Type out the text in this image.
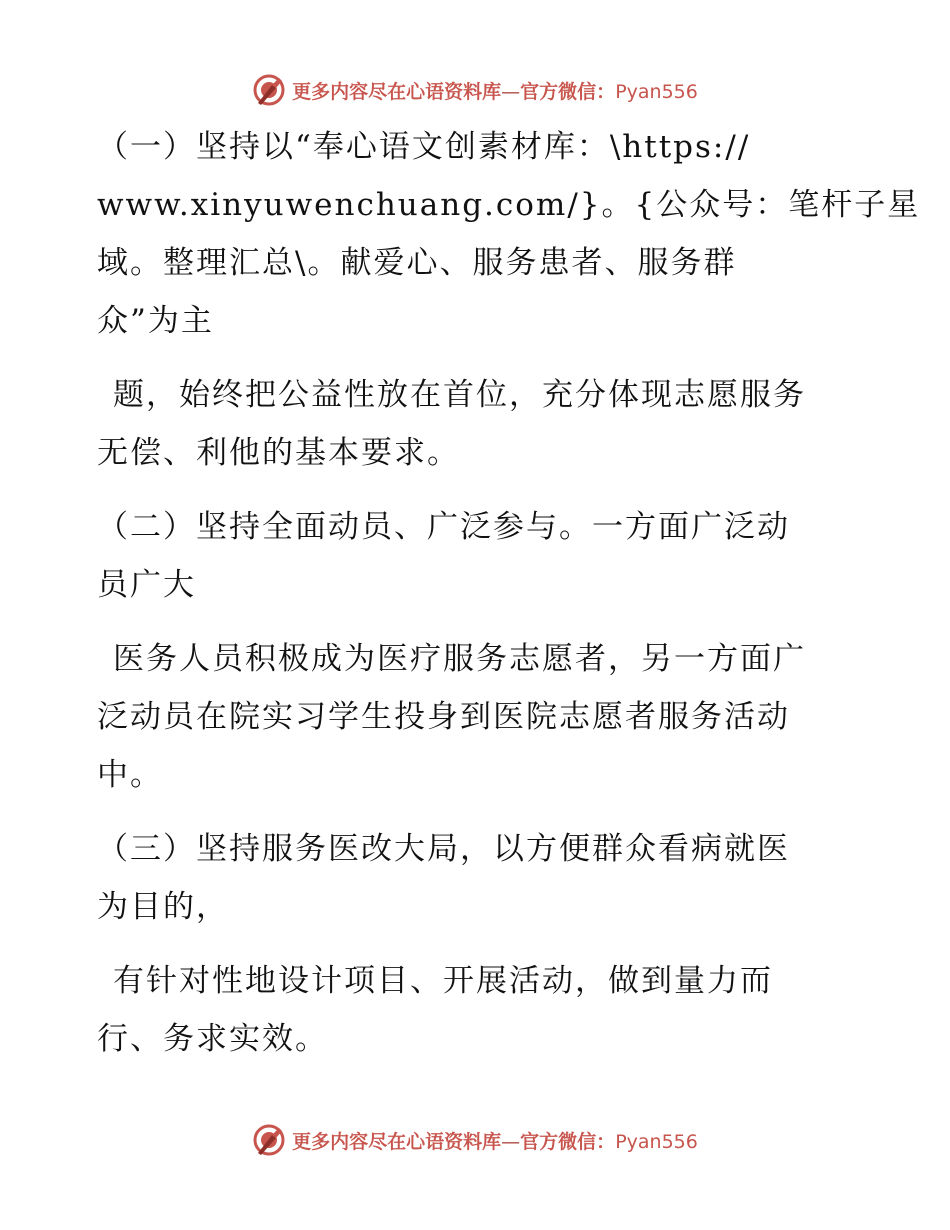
更多内容尽在心语资料库—官方微信：Pyan556

（一）坚持以“奉心语文创素材库：\https://
www.xinyuwenchuang.com/}。{公众号：笔杆子星
域。整理汇总\。献爱心、服务患者、服务群
众”为主

题，始终把公益性放在首位，充分体现志愿服务
无偿、利他的基本要求。

（二）坚持全面动员、广泛参与。一方面广泛动
员广大

医务人员积极成为医疗服务志愿者，另一方面广
泛动员在院实习学生投身到医院志愿者服务活动
中。

（三）坚持服务医改大局，以方便群众看病就医
为目的，

有针对性地设计项目、开展活动，做到量力而
行、务求实效。

更多内容尽在心语资料库—官方微信：Pyan556
